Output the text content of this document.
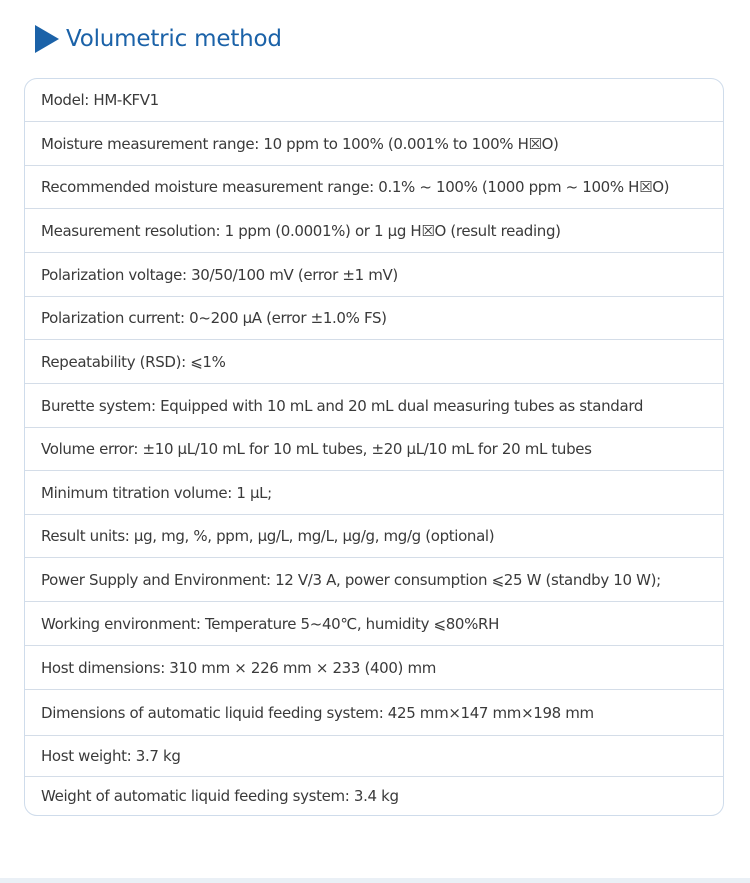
Volumetric method
Model: HM-KFV1
Moisture measurement range: 10 ppm to 100% (0.001% to 100% H☒O)
Recommended moisture measurement range: 0.1% ~ 100% (1000 ppm ~ 100% H☒O)
Measurement resolution: 1 ppm (0.0001%) or 1 μg H☒O (result reading)
Polarization voltage: 30/50/100 mV (error ±1 mV)
Polarization current: 0~200 μA (error ±1.0% FS)
Repeatability (RSD): ⩽1%
Burette system: Equipped with 10 mL and 20 mL dual measuring tubes as standard
Volume error: ±10 μL/10 mL for 10 mL tubes, ±20 μL/10 mL for 20 mL tubes
Minimum titration volume: 1 μL;
Result units: μg, mg, %, ppm, μg/L, mg/L, μg/g, mg/g (optional)
Power Supply and Environment: 12 V/3 A, power consumption ⩽25 W (standby 10 W);
Working environment: Temperature 5~40℃, humidity ⩽80%RH
Host dimensions: 310 mm × 226 mm × 233 (400) mm
Dimensions of automatic liquid feeding system: 425 mm×147 mm×198 mm
Host weight: 3.7 kg
Weight of automatic liquid feeding system: 3.4 kg
